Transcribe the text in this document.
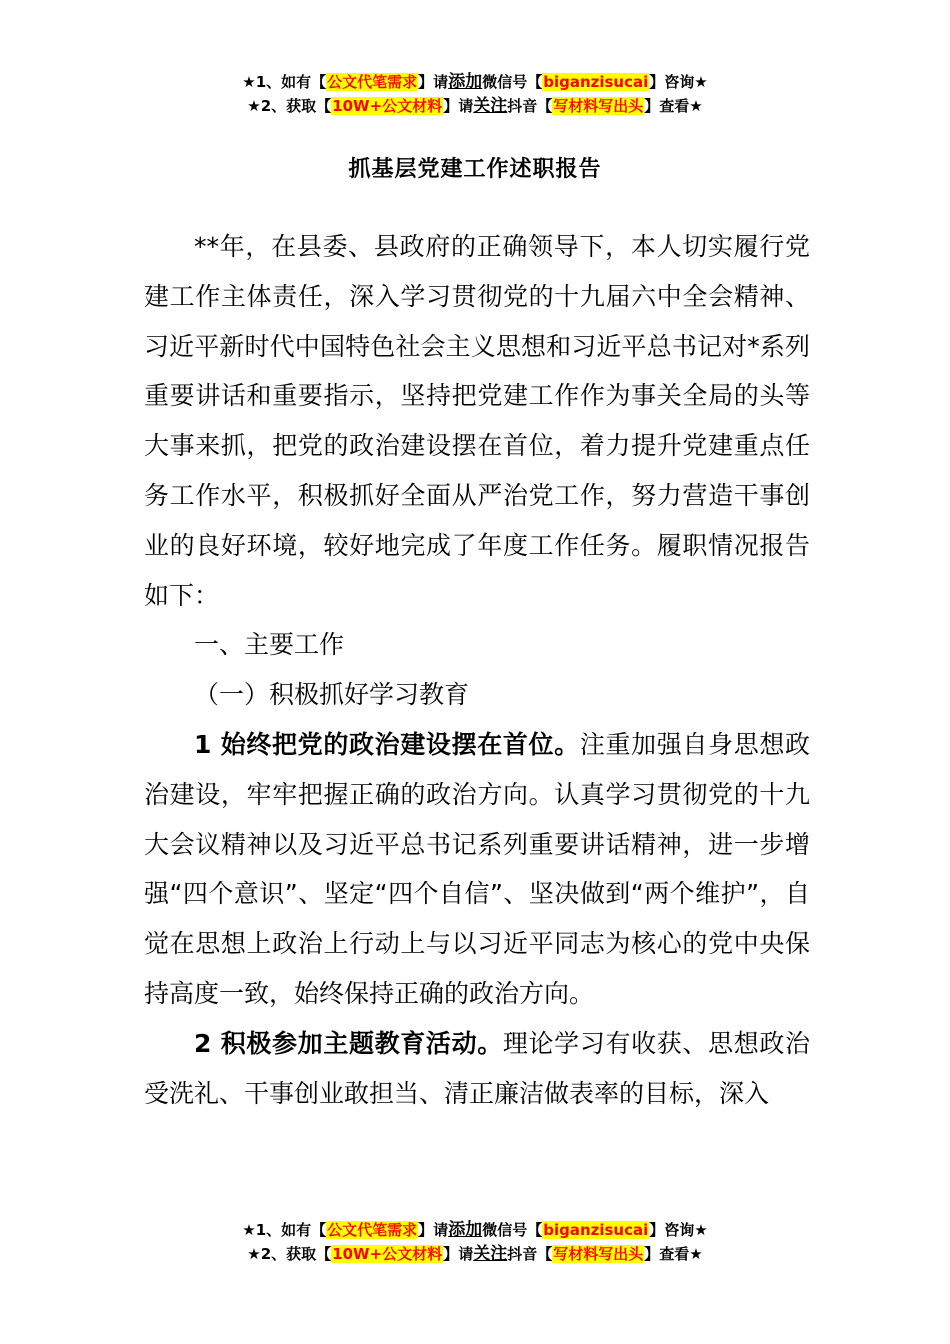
★1、如有【公文代笔需求】请添加微信号【biganzisucai】咨询★
★2、获取【10W+公文材料】请关注抖音【写材料写出头】查看★
抓基层党建工作述职报告

**年，在县委、县政府的正确领导下，本人切实履行党建工作主体责任，深入学习贯彻党的十九届六中全会精神、习近平新时代中国特色社会主义思想和习近平总书记对*系列重要讲话和重要指示，坚持把党建工作作为事关全局的头等大事来抓，把党的政治建设摆在首位，着力提升党建重点任务工作水平，积极抓好全面从严治党工作，努力营造干事创业的良好环境，较好地完成了年度工作任务。履职情况报告如下：

一、主要工作

（一）积极抓好学习教育

1 始终把党的政治建设摆在首位。注重加强自身思想政治建设，牢牢把握正确的政治方向。认真学习贯彻党的十九大会议精神以及习近平总书记系列重要讲话精神，进一步增强“四个意识”、坚定“四个自信”、坚决做到“两个维护”，自觉在思想上政治上行动上与以习近平同志为核心的党中央保持高度一致，始终保持正确的政治方向。

2 积极参加主题教育活动。理论学习有收获、思想政治受洗礼、干事创业敢担当、清正廉洁做表率的目标，深入

★1、如有【公文代笔需求】请添加微信号【biganzisucai】咨询★
★2、获取【10W+公文材料】请关注抖音【写材料写出头】查看★
